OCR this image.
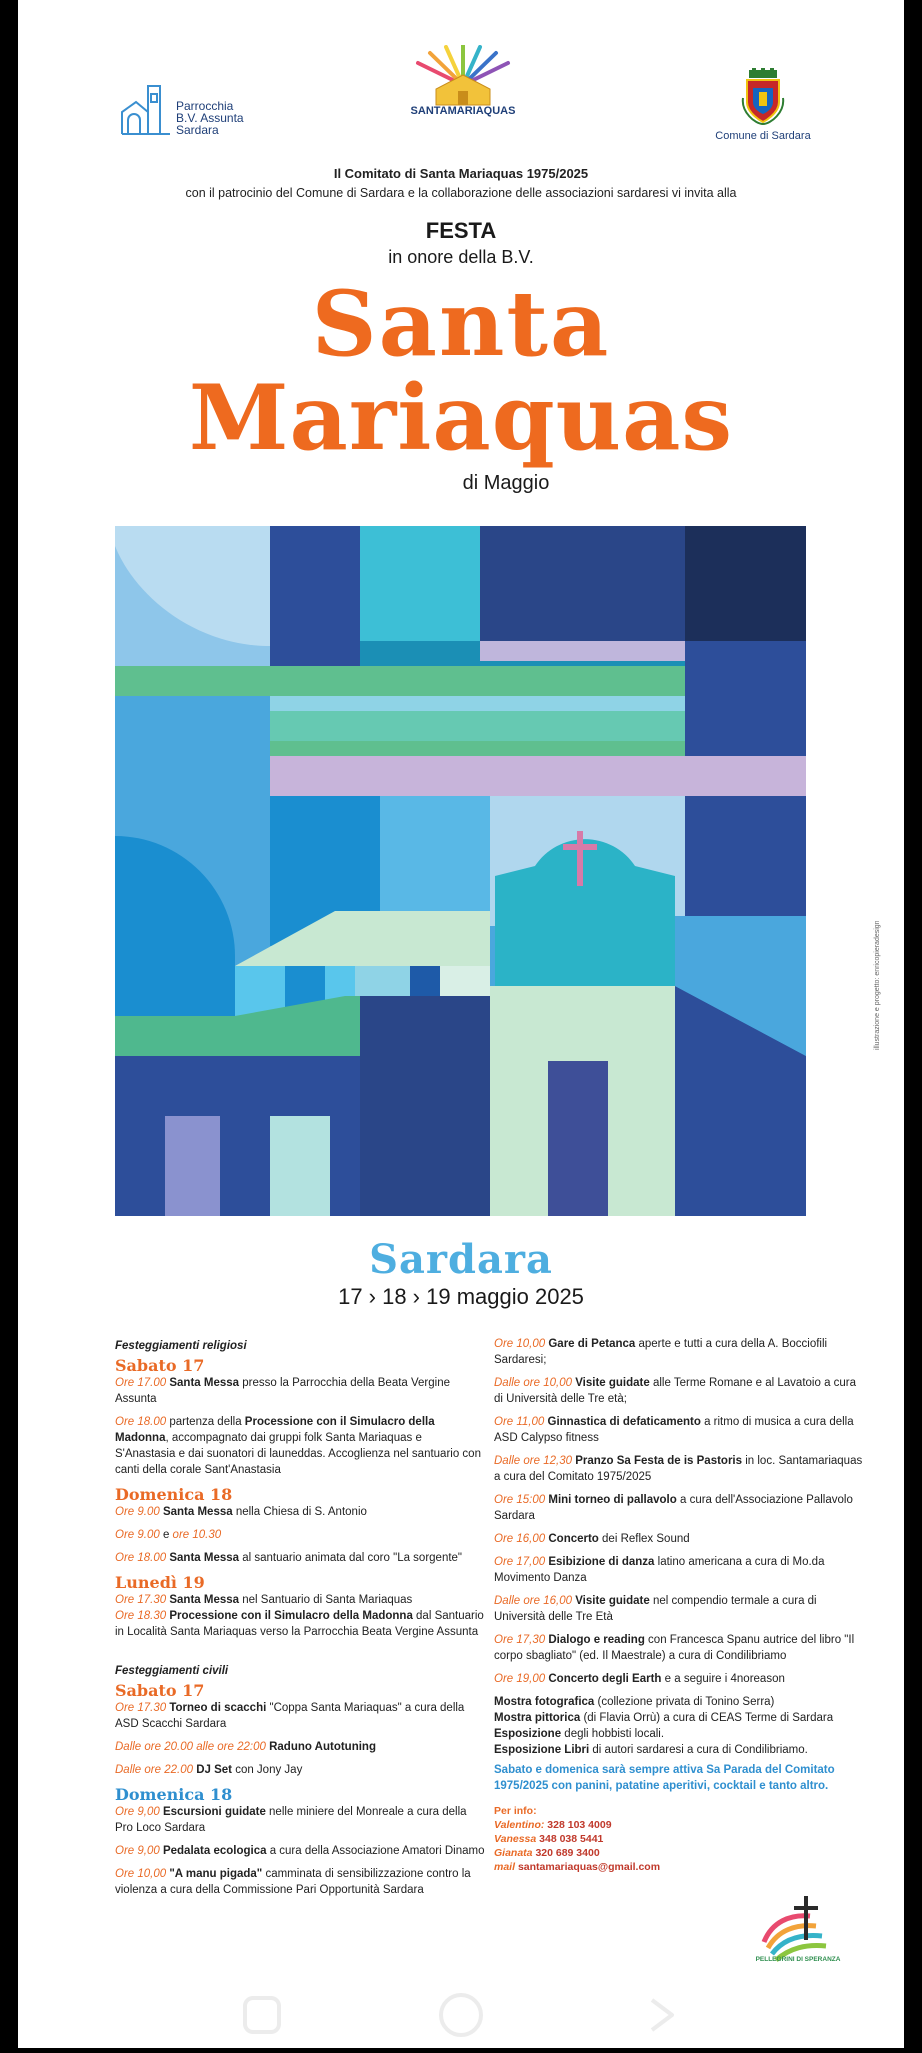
Parrocchia
B.V. Assunta
Sardara
SANTAMARIAQUAS
Comune di Sardara
Il Comitato di Santa Mariaquas 1975/2025
con il patrocinio del Comune di Sardara e la collaborazione delle associazioni sardaresi vi invita alla
FESTA
in onore della B.V.
Santa
Mariaquas
di Maggio
illustrazione e progetto: enricopieradesign
Sardara
17 › 18 › 19 maggio 2025
Festeggiamenti religiosi
Sabato 17
Ore 17.00 Santa Messa presso la Parrocchia della Beata Vergine Assunta
Ore 18.00 partenza della Processione con il Simulacro della Madonna, accompagnato dai gruppi folk Santa Mariaquas e S'Anastasia e dai suonatori di launeddas. Accoglienza nel santuario con canti della corale Sant'Anastasia
Domenica 18
Ore 9.00 Santa Messa nella Chiesa di S. Antonio
Ore 9.00 e ore 10.30
Ore 18.00 Santa Messa al santuario animata dal coro "La sorgente"
Lunedì 19
Ore 17.30 Santa Messa nel Santuario di Santa Mariaquas
Ore 18.30 Processione con il Simulacro della Madonna dal Santuario in Località Santa Mariaquas verso la Parrocchia Beata Vergine Assunta
Festeggiamenti civili
Sabato 17
Ore 17.30 Torneo di scacchi "Coppa Santa Mariaquas" a cura della ASD Scacchi Sardara
Dalle ore 20.00 alle ore 22:00 Raduno Autotuning
Dalle ore 22.00 DJ Set con Jony Jay
Domenica 18
Ore 9,00 Escursioni guidate nelle miniere del Monreale a cura della Pro Loco Sardara
Ore 9,00 Pedalata ecologica a cura della Associazione Amatori Dinamo
Ore 10,00 "A manu pigada" camminata di sensibilizzazione contro la violenza a cura della Commissione Pari Opportunità Sardara
Ore 10,00 Gare di Petanca aperte e tutti a cura della A. Bocciofili Sardaresi;
Dalle ore 10,00 Visite guidate alle Terme Romane e al Lavatoio a cura di Università delle Tre età;
Ore 11,00 Ginnastica di defaticamento a ritmo di musica a cura della ASD Calypso fitness
Dalle ore 12,30 Pranzo Sa Festa de is Pastoris in loc. Santamariaquas a cura del Comitato 1975/2025
Ore 15:00 Mini torneo di pallavolo a cura dell'Associazione Pallavolo Sardara
Ore 16,00 Concerto dei Reflex Sound
Ore 17,00 Esibizione di danza latino americana a cura di Mo.da Movimento Danza
Dalle ore 16,00 Visite guidate nel compendio termale a cura di Università delle Tre Età
Ore 17,30 Dialogo e reading con Francesca Spanu autrice del libro "Il corpo sbagliato" (ed. Il Maestrale) a cura di Condilibriamo
Ore 19,00 Concerto degli Earth e a seguire i 4noreason
Mostra fotografica (collezione privata di Tonino Serra)
Mostra pittorica (di Flavia Orrù) a cura di CEAS Terme di Sardara
Esposizione degli hobbisti locali.
Esposizione Libri di autori sardaresi a cura di Condilibriamo.
Sabato e domenica sarà sempre attiva Sa Parada del Comitato 1975/2025 con panini, patatine aperitivi, cocktail e tanto altro.
Per info:
Valentino: 328 103 4009
Vanessa 348 038 5441
Gianata 320 689 3400
mail santamariaquas@gmail.com
PELLEGRINI DI SPERANZA
